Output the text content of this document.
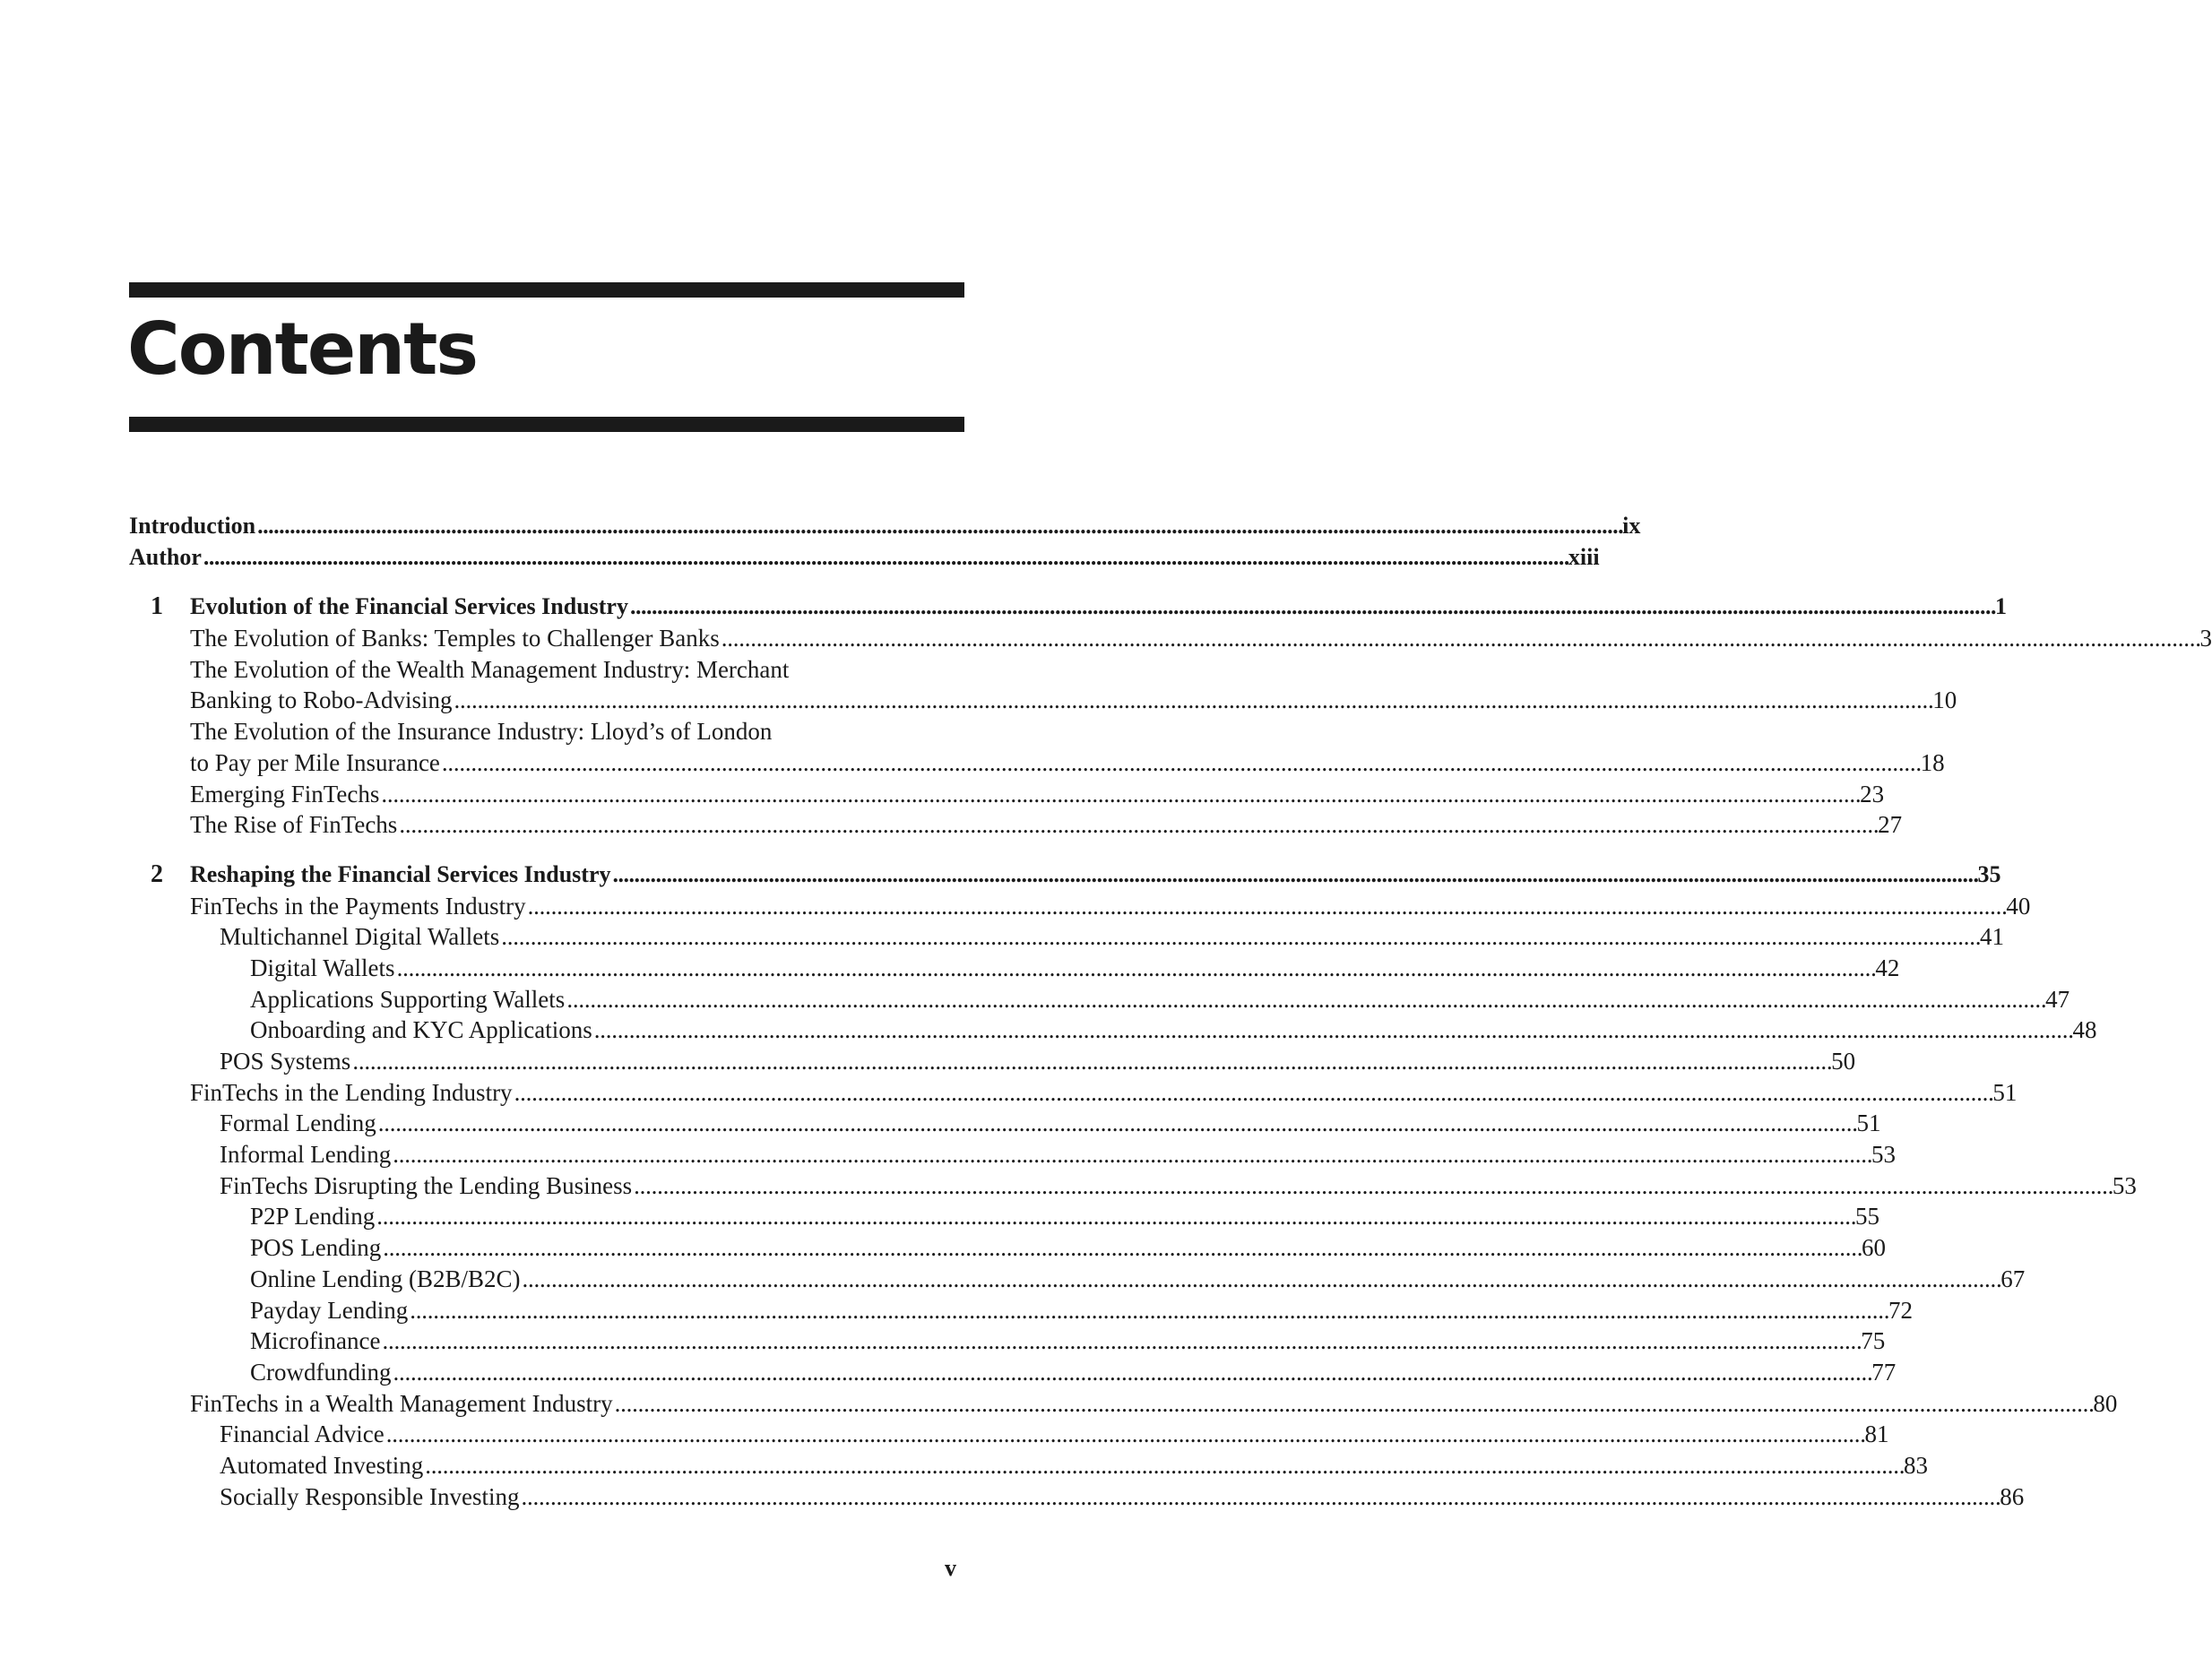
Contents
Introduction . . .	ix
Author . . .	xiii
1 Evolution of the Financial Services Industry . . .	1
The Evolution of Banks: Temples to Challenger Banks . . .	3
The Evolution of the Wealth Management Industry: Merchant
Banking to Robo-Advising . . .	10
The Evolution of the Insurance Industry: Lloyd’s of London
to Pay per Mile Insurance . . .	18
Emerging FinTechs . . .	23
The Rise of FinTechs . . .	27
2 Reshaping the Financial Services Industry . . .	35
FinTechs in the Payments Industry . . .	40
Multichannel Digital Wallets . . .	41
Digital Wallets . . .	42
Applications Supporting Wallets . . .	47
Onboarding and KYC Applications . . .	48
POS Systems . . .	50
FinTechs in the Lending Industry . . .	51
Formal Lending . . .	51
Informal Lending . . .	53
FinTechs Disrupting the Lending Business . . .	53
P2P Lending . . .	55
POS Lending . . .	60
Online Lending (B2B/B2C) . . .	67
Payday Lending . . .	72
Microfinance . . .	75
Crowdfunding . . .	77
FinTechs in a Wealth Management Industry . . .	80
Financial Advice . . .	81
Automated Investing . . .	83
Socially Responsible Investing . . .	86
v
